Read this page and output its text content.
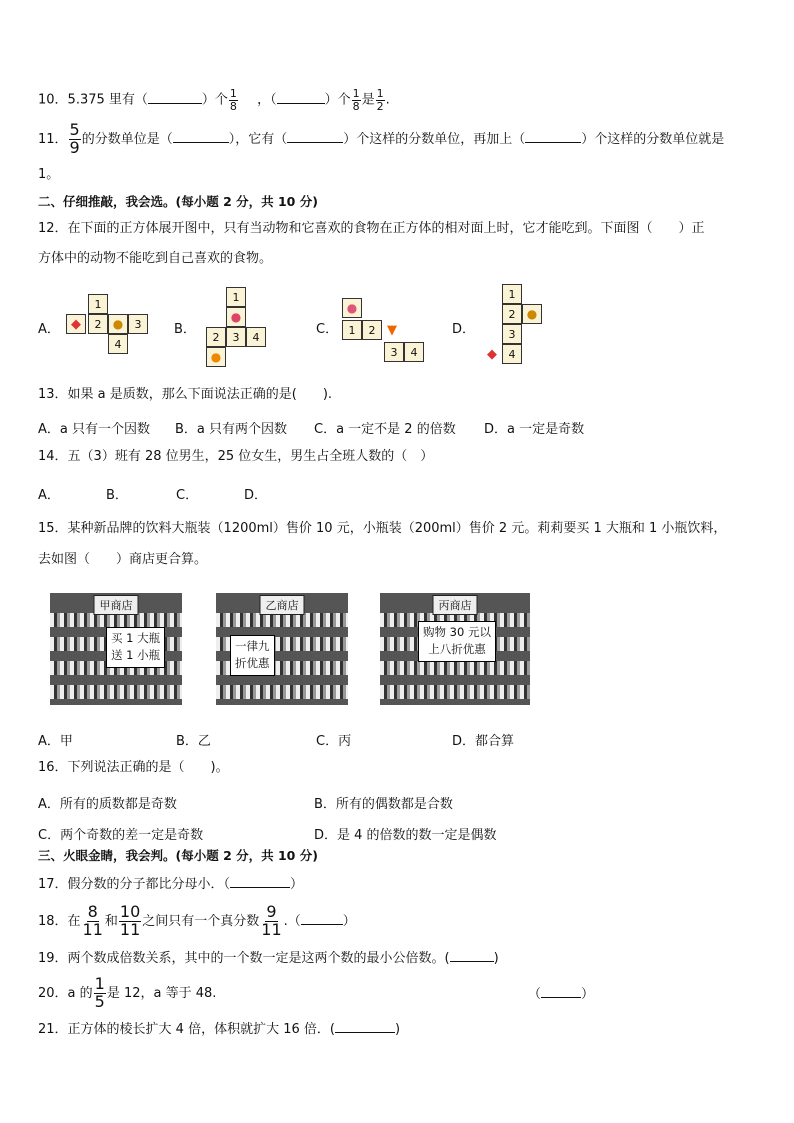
10．5.375 里有（	）个 $\frac{1}{8}$ ，（	）个 $\frac{1}{8}$ 是 $\frac{1}{2}$ .
11． $\frac{5}{9}$ 的分数单位是（	），它有（	）个这样的分数单位，再加上（	）个这样的分数单位就是
1。
二、仔细推敲，我会选。(每小题 2 分，共 10 分)
12．在下面的正方体展开图中，只有当动物和它喜欢的食物在正方体的相对面上时，它才能吃到。下面图（　　）正
方体中的动物不能吃到自己喜欢的食物。
A．
1
◆	2 ●	3
4
B．
1
●
2	3	4
●
C．
●
1	2 ▼
3	4
D．
1
2 ●
3
◆	4
13．如果 a 是质数，那么下面说法正确的是(　　).
A．a 只有一个因数 B．a 只有两个因数 C．a 一定不是 2 的倍数 D．a 一定是奇数
14．五（3）班有 28 位男生，25 位女生，男生占全班人数的（　）
A．	B．	C．	D．
15．某种新品牌的饮料大瓶装（1200ml）售价 10 元，小瓶装（200ml）售价 2 元。莉莉要买 1 大瓶和 1 小瓶饮料，
去如图（　　）商店更合算。
甲商店
买 1 大瓶
送 1 小瓶
乙商店
一律九
折优惠
丙商店
购物 30 元以
上八折优惠
A．甲	B．乙	C．丙	D．都合算
16．下列说法正确的是（　　)。
A．所有的质数都是奇数	B．所有的偶数都是合数
C．两个奇数的差一定是奇数	D．是 4 的倍数的数一定是偶数
三、火眼金睛，我会判。(每小题 2 分，共 10 分)
17．假分数的分子都比分母小．（	）
18．在 $\frac{8}{11}$ 和 $\frac{10}{11}$ 之间只有一个真分数 $\frac{9}{11}$ .（	）
19．两个数成倍数关系，其中的一个数一定是这两个数的最小公倍数。(	)
20．a 的 $\frac{1}{5}$ 是 12，a 等于 48.	（	）
21．正方体的棱长扩大 4 倍，体积就扩大 16 倍．(	)
